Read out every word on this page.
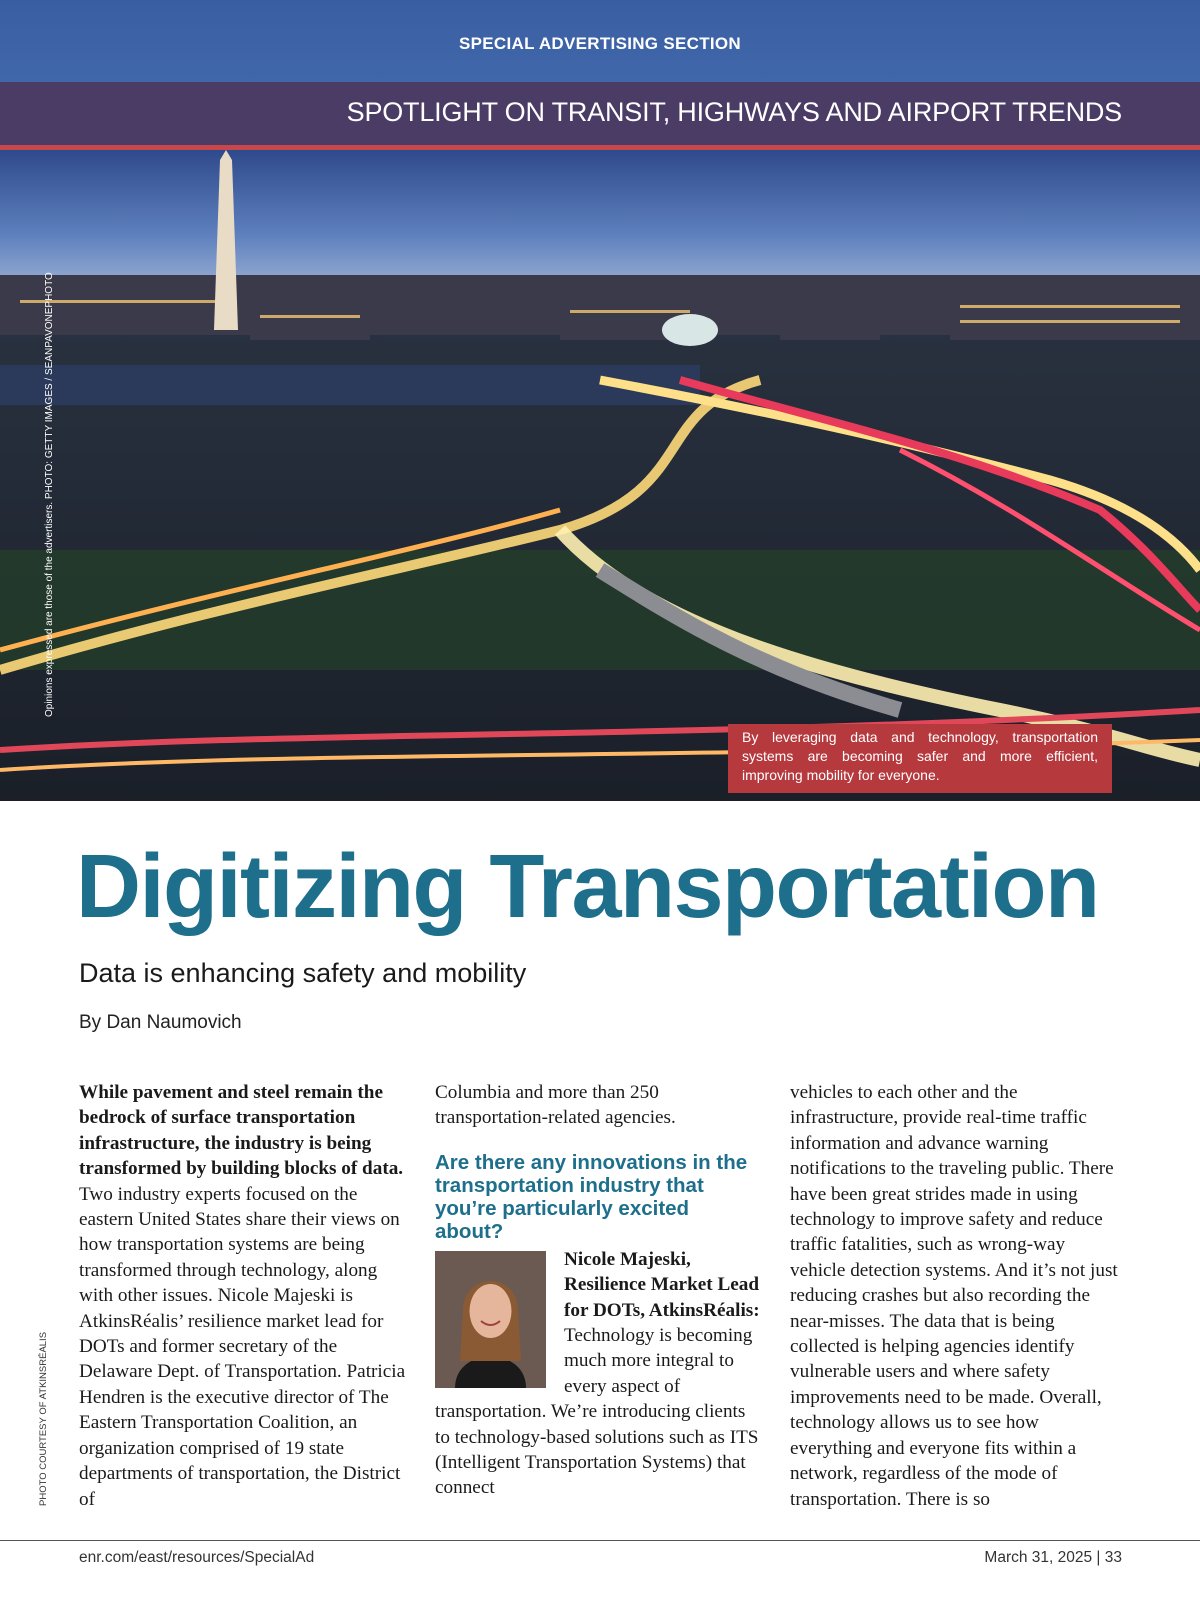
SPECIAL ADVERTISING SECTION
SPOTLIGHT ON TRANSIT, HIGHWAYS AND AIRPORT TRENDS
Opinions expressed are those of the advertisers. PHOTO: GETTY IMAGES / SEANPAVONEPHOTO
By leveraging data and technology, transportation systems are becoming safer and more efficient, improving mobility for everyone.
Digitizing Transportation
Data is enhancing safety and mobility
By Dan Naumovich

While pavement and steel remain the bedrock of surface transportation infrastructure, the industry is being transformed by building blocks of data. Two industry experts focused on the eastern United States share their views on how transportation systems are being transformed through technology, along with other issues. Nicole Majeski is AtkinsRéalis’ resilience market lead for DOTs and former secretary of the Delaware Dept. of Transportation. Patricia Hendren is the executive director of The Eastern Transportation Coalition, an organization comprised of 19 state departments of transportation, the District of

Columbia and more than 250 transportation-related agencies.

Are there any innovations in the transportation industry that you’re particularly excited about?

Nicole Majeski, Resilience Market Lead for DOTs, AtkinsRéalis: Technology is becoming much more integral to every aspect of transportation. We’re introducing clients to technology-based solutions such as ITS (Intelligent Transportation Systems) that connect

vehicles to each other and the infrastructure, provide real-time traffic information and advance warning notifications to the traveling public. There have been great strides made in using technology to improve safety and reduce traffic fatalities, such as wrong-way vehicle detection systems. And it’s not just reducing crashes but also recording the near-misses. The data that is being collected is helping agencies identify vulnerable users and where safety improvements need to be made. Overall, technology allows us to see how everything and everyone fits within a network, regardless of the mode of transportation. There is so

PHOTO COURTESY OF ATKINSRÉALIS
enr.com/east/resources/SpecialAd	March 31, 2025 | 33
